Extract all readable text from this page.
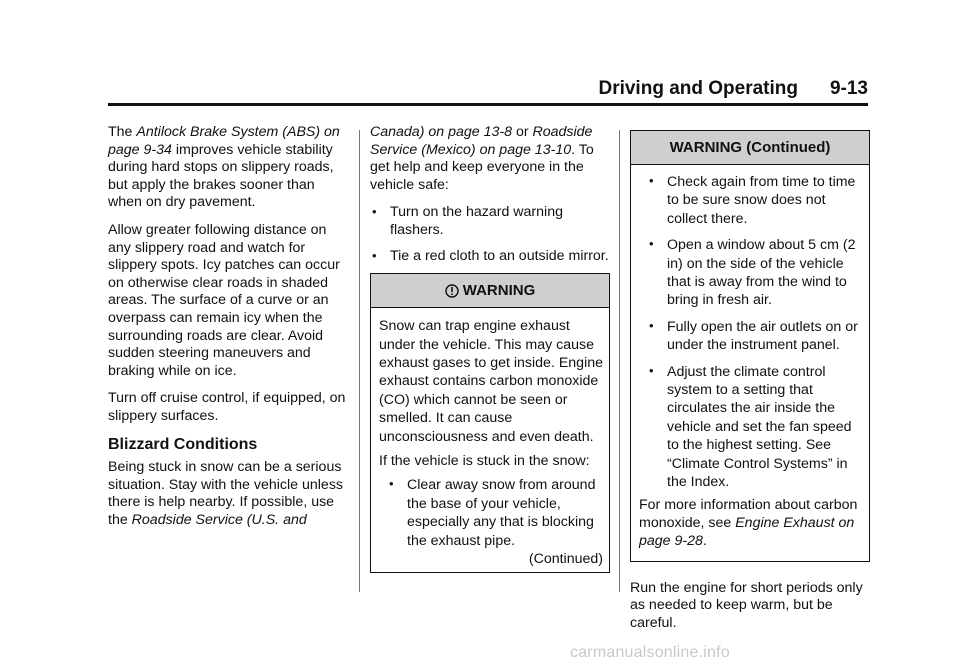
Driving and Operating 9-13

The Antilock Brake System (ABS) on page 9-34 improves vehicle stability during hard stops on slippery roads, but apply the brakes sooner than when on dry pavement.

Allow greater following distance on any slippery road and watch for slippery spots. Icy patches can occur on otherwise clear roads in shaded areas. The surface of a curve or an overpass can remain icy when the surrounding roads are clear. Avoid sudden steering maneuvers and braking while on ice.

Turn off cruise control, if equipped, on slippery surfaces.

Blizzard Conditions

Being stuck in snow can be a serious situation. Stay with the vehicle unless there is help nearby. If possible, use the Roadside Service (U.S. and

Canada) on page 13-8 or Roadside Service (Mexico) on page 13-10. To get help and keep everyone in the vehicle safe:

• Turn on the hazard warning flashers.
• Tie a red cloth to an outside mirror.
WARNING

Snow can trap engine exhaust under the vehicle. This may cause exhaust gases to get inside. Engine exhaust contains carbon monoxide (CO) which cannot be seen or smelled. It can cause unconsciousness and even death.

If the vehicle is stuck in the snow:

• Clear away snow from around the base of your vehicle, especially any that is blocking the exhaust pipe.
(Continued)
WARNING (Continued)
• Check again from time to time to be sure snow does not collect there.
• Open a window about 5 cm (2 in) on the side of the vehicle that is away from the wind to bring in fresh air.
• Fully open the air outlets on or under the instrument panel.
• Adjust the climate control system to a setting that circulates the air inside the vehicle and set the fan speed to the highest setting. See “Climate Control Systems” in the Index.

For more information about carbon monoxide, see Engine Exhaust on page 9-28.

Run the engine for short periods only as needed to keep warm, but be careful.

carmanualsonline.info
